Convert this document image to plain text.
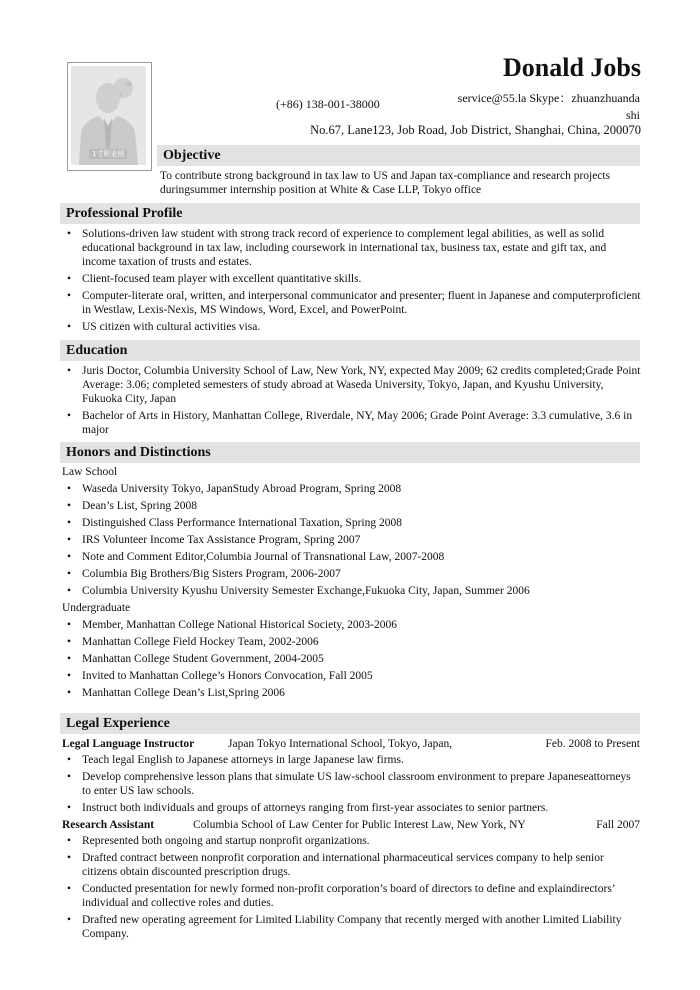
1寸职业照
Donald Jobs
(+86) 138-001-38000	service@55.la Skype：zhuanzhuanda
shi
No.67, Lane123, Job Road, Job District, Shanghai, China, 200070
Objective
To contribute strong background in tax law to US and Japan tax-compliance and research projects duringsummer internship position at White & Case LLP, Tokyo office
Professional Profile
• Solutions-driven law student with strong track record of experience to complement legal abilities, as well as solid educational background in tax law, including coursework in international tax, business tax, estate and gift tax, and income taxation of trusts and estates.
• Client-focused team player with excellent quantitative skills.
• Computer-literate oral, written, and interpersonal communicator and presenter; fluent in Japanese and computerproficient in Westlaw, Lexis-Nexis, MS Windows, Word, Excel, and PowerPoint.
• US citizen with cultural activities visa.
Education
• Juris Doctor, Columbia University School of Law, New York, NY, expected May 2009; 62 credits completed;Grade Point Average: 3.06; completed semesters of study abroad at Waseda University, Tokyo, Japan, and Kyushu University, Fukuoka City, Japan
• Bachelor of Arts in History, Manhattan College, Riverdale, NY, May 2006; Grade Point Average: 3.3 cumulative, 3.6 in major
Honors and Distinctions
Law School
• Waseda University Tokyo, JapanStudy Abroad Program, Spring 2008
• Dean’s List, Spring 2008
• Distinguished Class Performance International Taxation, Spring 2008
• IRS Volunteer Income Tax Assistance Program, Spring 2007
• Note and Comment Editor,Columbia Journal of Transnational Law, 2007-2008
• Columbia Big Brothers/Big Sisters Program, 2006-2007
• Columbia University Kyushu University Semester Exchange,Fukuoka City, Japan, Summer 2006
Undergraduate
• Member, Manhattan College National Historical Society, 2003-2006
• Manhattan College Field Hockey Team, 2002-2006
• Manhattan College Student Government, 2004-2005
• Invited to Manhattan College’s Honors Convocation, Fall 2005
• Manhattan College Dean’s List,Spring 2006
Legal Experience
Legal Language Instructor	Japan Tokyo International School, Tokyo, Japan,	Feb. 2008 to Present
• Teach legal English to Japanese attorneys in large Japanese law firms.
• Develop comprehensive lesson plans that simulate US law-school classroom environment to prepare Japaneseattorneys to enter US law schools.
• Instruct both individuals and groups of attorneys ranging from first-year associates to senior partners.
Research Assistant	Columbia School of Law Center for Public Interest Law, New York, NY	Fall 2007
• Represented both ongoing and startup nonprofit organizations.
• Drafted contract between nonprofit corporation and international pharmaceutical services company to help senior citizens obtain discounted prescription drugs.
• Conducted presentation for newly formed non-profit corporation’s board of directors to define and explaindirectors’ individual and collective roles and duties.
• Drafted new operating agreement for Limited Liability Company that recently merged with another Limited Liability Company.
